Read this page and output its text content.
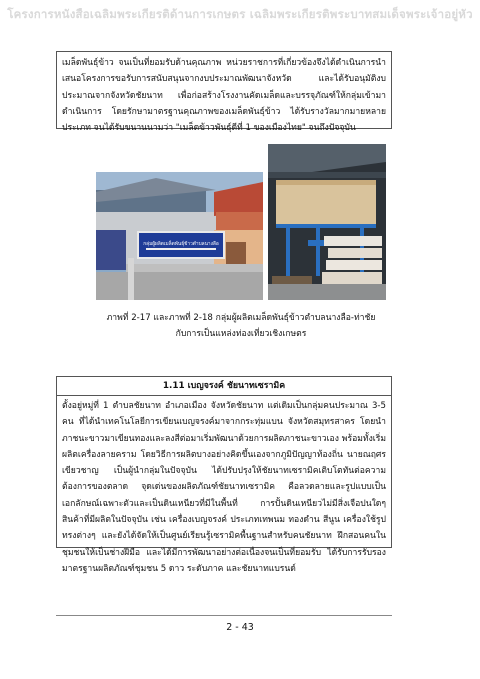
โครงการหนังสือเฉลิมพระเกียรติด้านการเกษตร เฉลิมพระเกียรติพระบาทสมเด็จพระเจ้าอยู่หัว

เมล็ดพันธุ์ข้าว จนเป็นที่ยอมรับด้านคุณภาพ หน่วยราชการที่เกี่ยวข้องจึงได้ดำเนินการนำเสนอโครงการขอรับการสนับสนุนจากงบประมาณพัฒนาจังหวัด และได้รับอนุมัติงบประมาณจากจังหวัดชัยนาท เพื่อก่อสร้างโรงงานคัดเมล็ดและบรรจุภัณฑ์ให้กลุ่มเข้ามาดำเนินการ โดยรักษามาตรฐานคุณภาพของเมล็ดพันธุ์ข้าว ได้รับรางวัลมากมายหลายประเภท จนได้รับขนานนามว่า "เมล็ดข้าวพันธุ์ดีที่ 1 ของเมืองไทย" จนถึงปัจจุบัน

กลุ่มผู้ผลิตเมล็ดพันธุ์ข้าวตำบลนางลือ
ภาพที่ 2-17 และภาพที่ 2-18 กลุ่มผู้ผลิตเมล็ดพันธุ์ข้าวตำบลนางลือ-ท่าชัย
กับการเป็นแหล่งท่องเที่ยวเชิงเกษตร
1.11 เบญจรงค์ ชัยนาทเซรามิค

ตั้งอยู่หมู่ที่ 1 ตำบลชัยนาท อำเภอเมือง จังหวัดชัยนาท แต่เดิมเป็นกลุ่มคนประมาณ 3-5 คน ที่ได้นำเทคโนโลยีการเขียนเบญจรงค์มาจากกระทุ่มแบน จังหวัดสมุทรสาคร โดยนำภาชนะขาวมาเขียนทองและลงสีต่อมาเริ่มพัฒนาด้วยการผลิตภาชนะขาวเอง พร้อมทั้งเริ่มผลิตเครื่องลายคราม โดยวิธีการผลิตบางอย่างคิดขึ้นเองจากภูมิปัญญาท้องถิ่น นายณฤศร เขียวชาญ เป็นผู้นำกลุ่มในปัจจุบัน ได้ปรับปรุงให้ชัยนาทเซรามิคเติบโตทันต่อความต้องการของตลาด จุดเด่นของผลิตภัณฑ์ชัยนาทเซรามิค คือลวดลายและรูปแบบเป็นเอกลักษณ์เฉพาะตัวและเป็นดินเหนียวที่มีในพื้นที่ การปั้นดินเหนียวไม่มีสิ่งเจือปนใดๆ สินค้าที่มีผลิตในปัจจุบัน เช่น เครื่องเบญจรงค์ ประเภทเทพนม ทองดำน สีนูน เครื่องใช้รูปทรงต่างๆ และยังได้จัดให้เป็นศูนย์เรียนรู้เซรามิคพื้นฐานสำหรับคนชัยนาท ฝึกสอนคนในชุมชนให้เป็นช่างฝีมือ และได้มีการพัฒนาอย่างต่อเนื่องจนเป็นที่ยอมรับ ได้รับการรับรองมาตรฐานผลิตภัณฑ์ชุมชน 5 ดาว ระดับภาค และชัยนาทแบรนด์

2 - 43
